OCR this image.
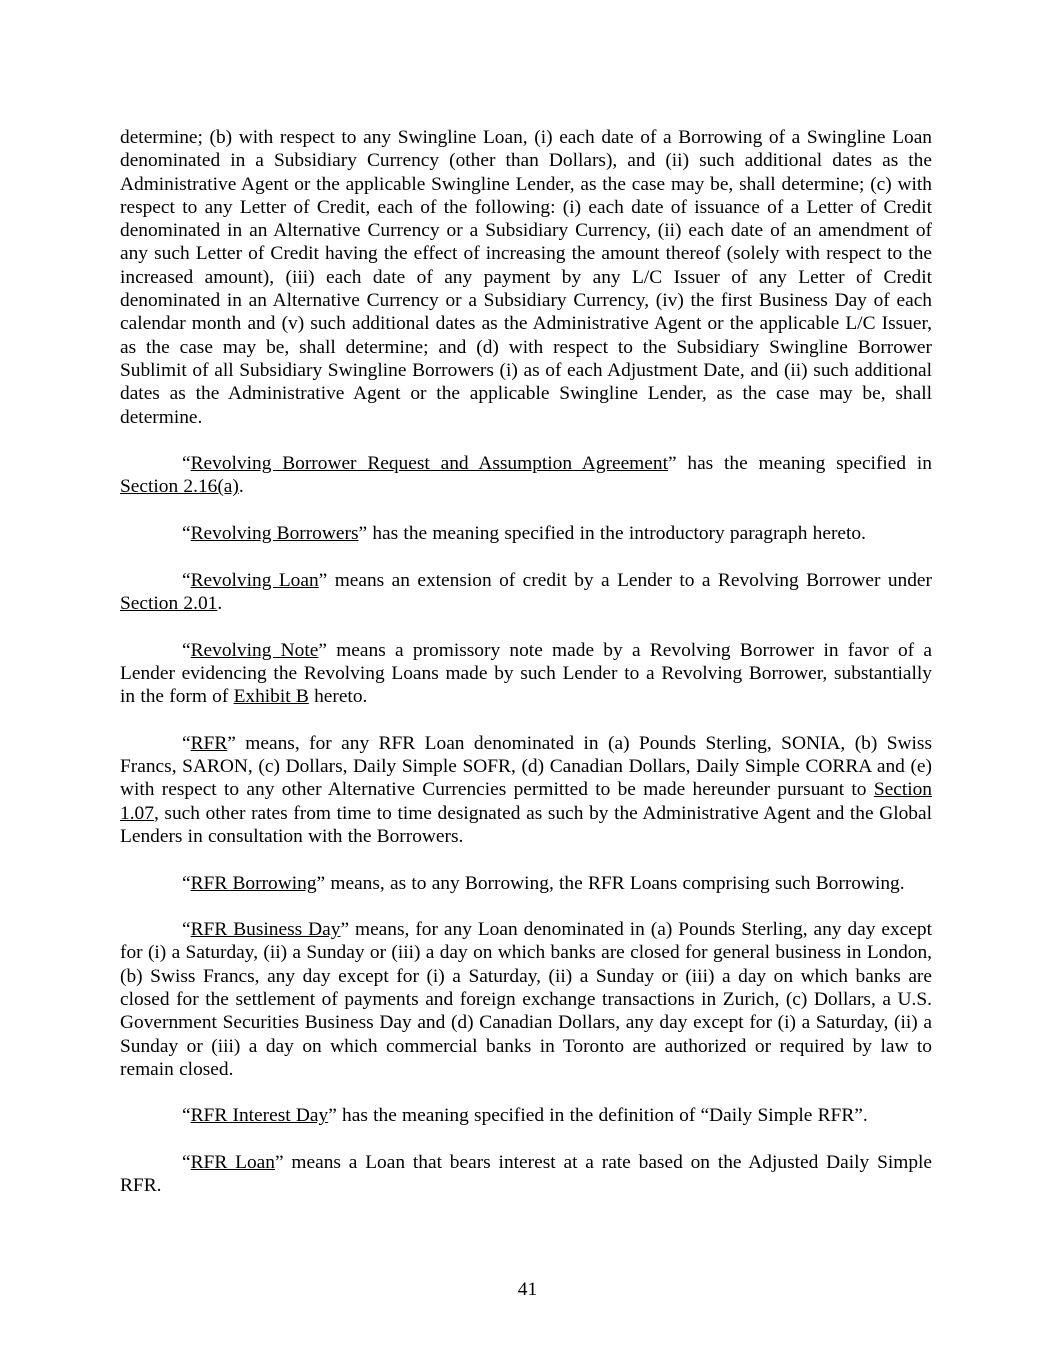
determine; (b) with respect to any Swingline Loan, (i) each date of a Borrowing of a Swingline Loan denominated in a Subsidiary Currency (other than Dollars), and (ii) such additional dates as the Administrative Agent or the applicable Swingline Lender, as the case may be, shall determine; (c) with respect to any Letter of Credit, each of the following: (i) each date of issuance of a Letter of Credit denominated in an Alternative Currency or a Subsidiary Currency, (ii) each date of an amendment of any such Letter of Credit having the effect of increasing the amount thereof (solely with respect to the increased amount), (iii) each date of any payment by any L/C Issuer of any Letter of Credit denominated in an Alternative Currency or a Subsidiary Currency, (iv) the first Business Day of each calendar month and (v) such additional dates as the Administrative Agent or the applicable L/C Issuer, as the case may be, shall determine; and (d) with respect to the Subsidiary Swingline Borrower Sublimit of all Subsidiary Swingline Borrowers (i) as of each Adjustment Date, and (ii) such additional dates as the Administrative Agent or the applicable Swingline Lender, as the case may be, shall determine.

“Revolving Borrower Request and Assumption Agreement” has the meaning specified in Section 2.16(a).

“Revolving Borrowers” has the meaning specified in the introductory paragraph hereto.

“Revolving Loan” means an extension of credit by a Lender to a Revolving Borrower under Section 2.01.

“Revolving Note” means a promissory note made by a Revolving Borrower in favor of a Lender evidencing the Revolving Loans made by such Lender to a Revolving Borrower, substantially in the form of Exhibit B hereto.

“RFR” means, for any RFR Loan denominated in (a) Pounds Sterling, SONIA, (b) Swiss Francs, SARON, (c) Dollars, Daily Simple SOFR, (d) Canadian Dollars, Daily Simple CORRA and (e) with respect to any other Alternative Currencies permitted to be made hereunder pursuant to Section 1.07, such other rates from time to time designated as such by the Administrative Agent and the Global Lenders in consultation with the Borrowers.

“RFR Borrowing” means, as to any Borrowing, the RFR Loans comprising such Borrowing.

“RFR Business Day” means, for any Loan denominated in (a) Pounds Sterling, any day except for (i) a Saturday, (ii) a Sunday or (iii) a day on which banks are closed for general business in London, (b) Swiss Francs, any day except for (i) a Saturday, (ii) a Sunday or (iii) a day on which banks are closed for the settlement of payments and foreign exchange transactions in Zurich, (c) Dollars, a U.S. Government Securities Business Day and (d) Canadian Dollars, any day except for (i) a Saturday, (ii) a Sunday or (iii) a day on which commercial banks in Toronto are authorized or required by law to remain closed.

“RFR Interest Day” has the meaning specified in the definition of “Daily Simple RFR”.

“RFR Loan” means a Loan that bears interest at a rate based on the Adjusted Daily Simple RFR.

41
